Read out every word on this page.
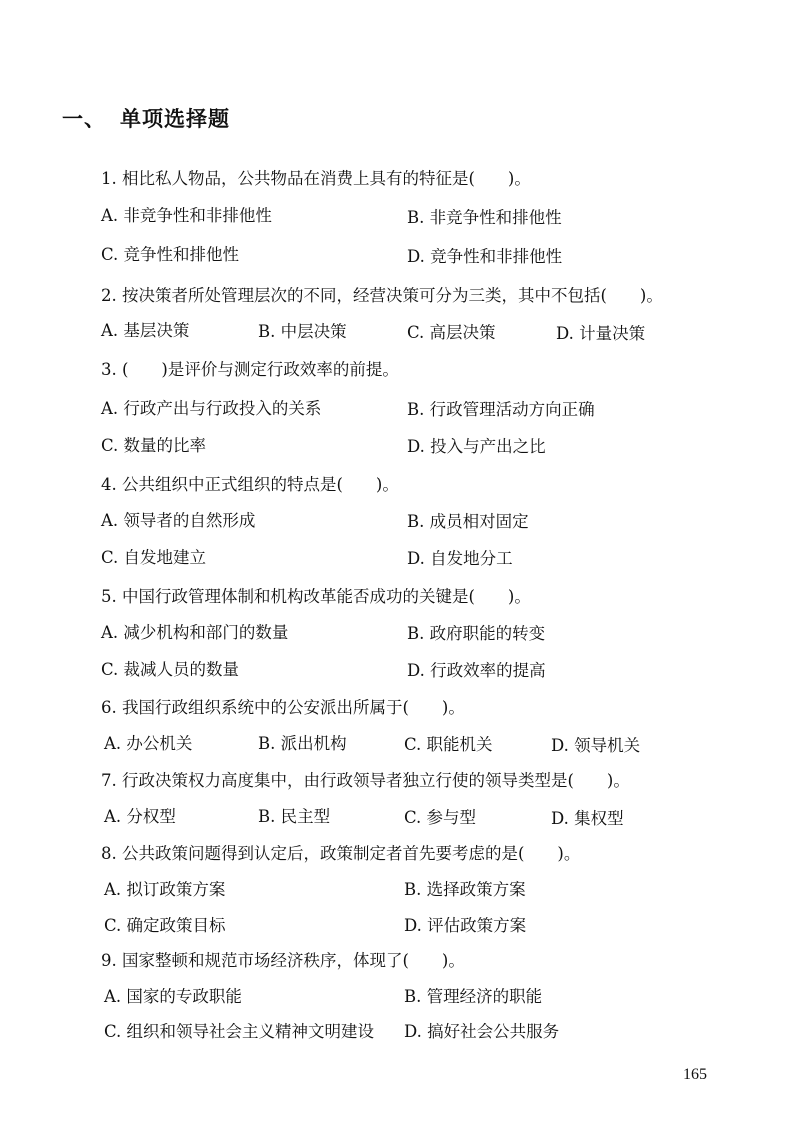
一、 单项选择题
1. 相比私人物品，公共物品在消费上具有的特征是(　　)。
A. 非竞争性和非排他性	B. 非竞争性和排他性
C. 竞争性和排他性	D. 竞争性和非排他性
2. 按决策者所处管理层次的不同，经营决策可分为三类，其中不包括(　　)。
A. 基层决策	B. 中层决策	C. 高层决策	D. 计量决策
3. (　　)是评价与测定行政效率的前提。
A. 行政产出与行政投入的关系	B. 行政管理活动方向正确
C. 数量的比率	D. 投入与产出之比
4. 公共组织中正式组织的特点是(　　)。
A. 领导者的自然形成	B. 成员相对固定
C. 自发地建立	D. 自发地分工
5. 中国行政管理体制和机构改革能否成功的关键是(　　)。
A. 减少机构和部门的数量	B. 政府职能的转变
C. 裁减人员的数量	D. 行政效率的提高
6. 我国行政组织系统中的公安派出所属于(　　)。
A. 办公机关	B. 派出机构	C. 职能机关	D. 领导机关
7. 行政决策权力高度集中，由行政领导者独立行使的领导类型是(　　)。
A. 分权型	B. 民主型	C. 参与型	D. 集权型
8. 公共政策问题得到认定后，政策制定者首先要考虑的是(　　)。
A. 拟订政策方案	B. 选择政策方案
C. 确定政策目标	D. 评估政策方案
9. 国家整顿和规范市场经济秩序，体现了(　　)。
A. 国家的专政职能	B. 管理经济的职能
C. 组织和领导社会主义精神文明建设 D. 搞好社会公共服务
165
